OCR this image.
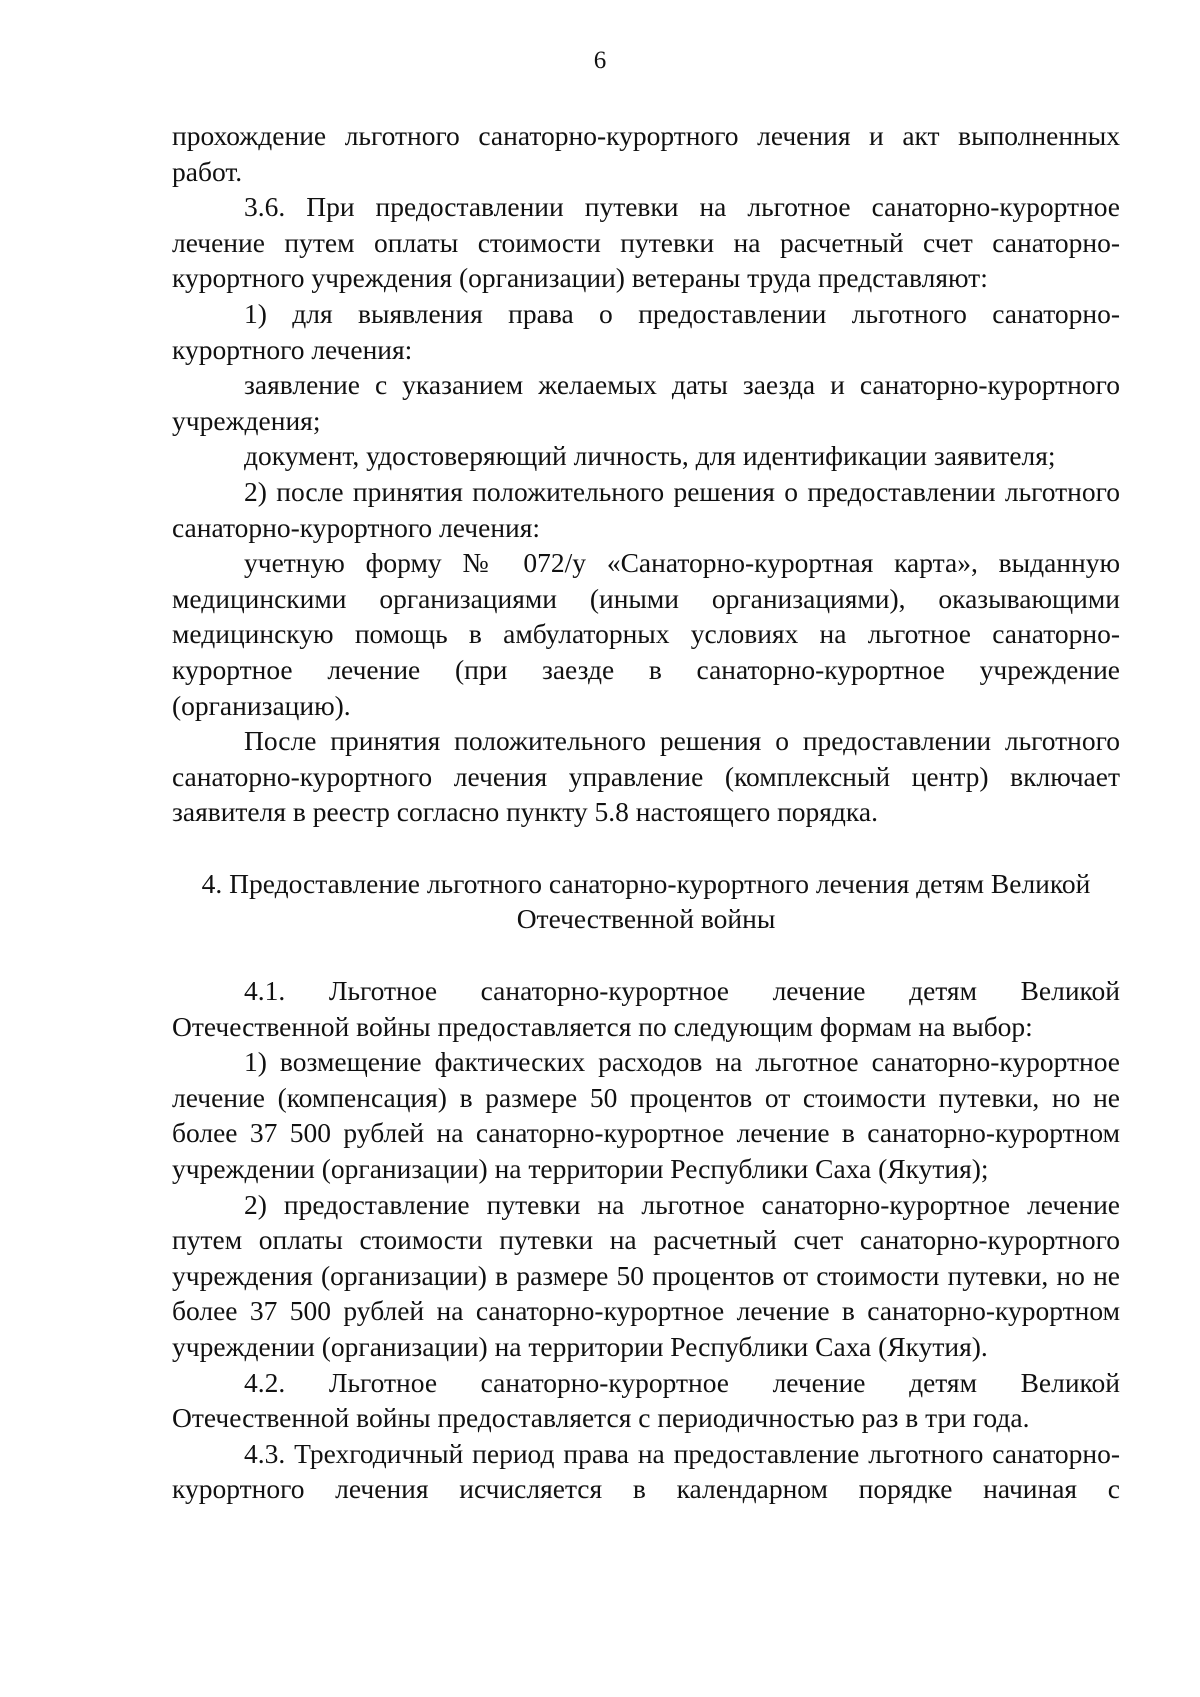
6

прохождение льготного санаторно-курортного лечения и акт выполненных работ.

3.6. При предоставлении путевки на льготное санаторно-курортное лечение путем оплаты стоимости путевки на расчетный счет санаторно-курортного учреждения (организации) ветераны труда представляют:

1) для выявления права о предоставлении льготного санаторно-курортного лечения:

заявление с указанием желаемых даты заезда и санаторно-курортного учреждения;

документ, удостоверяющий личность, для идентификации заявителя;

2) после принятия положительного решения о предоставлении льготного санаторно-курортного лечения:

учетную форму № 072/у «Санаторно-курортная карта», выданную медицинскими организациями (иными организациями), оказывающими медицинскую помощь в амбулаторных условиях на льготное санаторно-курортное лечение (при заезде в санаторно-курортное учреждение (организацию).

После принятия положительного решения о предоставлении льготного санаторно-курортного лечения управление (комплексный центр) включает заявителя в реестр согласно пункту 5.8 настоящего порядка.

4. Предоставление льготного санаторно-курортного лечения детям Великой Отечественной войны

4.1. Льготное санаторно-курортное лечение детям Великой Отечественной войны предоставляется по следующим формам на выбор:

1) возмещение фактических расходов на льготное санаторно-курортное лечение (компенсация) в размере 50 процентов от стоимости путевки, но не более 37 500 рублей на санаторно-курортное лечение в санаторно-курортном учреждении (организации) на территории Республики Саха (Якутия);

2) предоставление путевки на льготное санаторно-курортное лечение путем оплаты стоимости путевки на расчетный счет санаторно-курортного учреждения (организации) в размере 50 процентов от стоимости путевки, но не более 37 500 рублей на санаторно-курортное лечение в санаторно-курортном учреждении (организации) на территории Республики Саха (Якутия).

4.2. Льготное санаторно-курортное лечение детям Великой Отечественной войны предоставляется с периодичностью раз в три года.

4.3. Трехгодичный период права на предоставление льготного санаторно-курортного лечения исчисляется в календарном порядке начиная с
